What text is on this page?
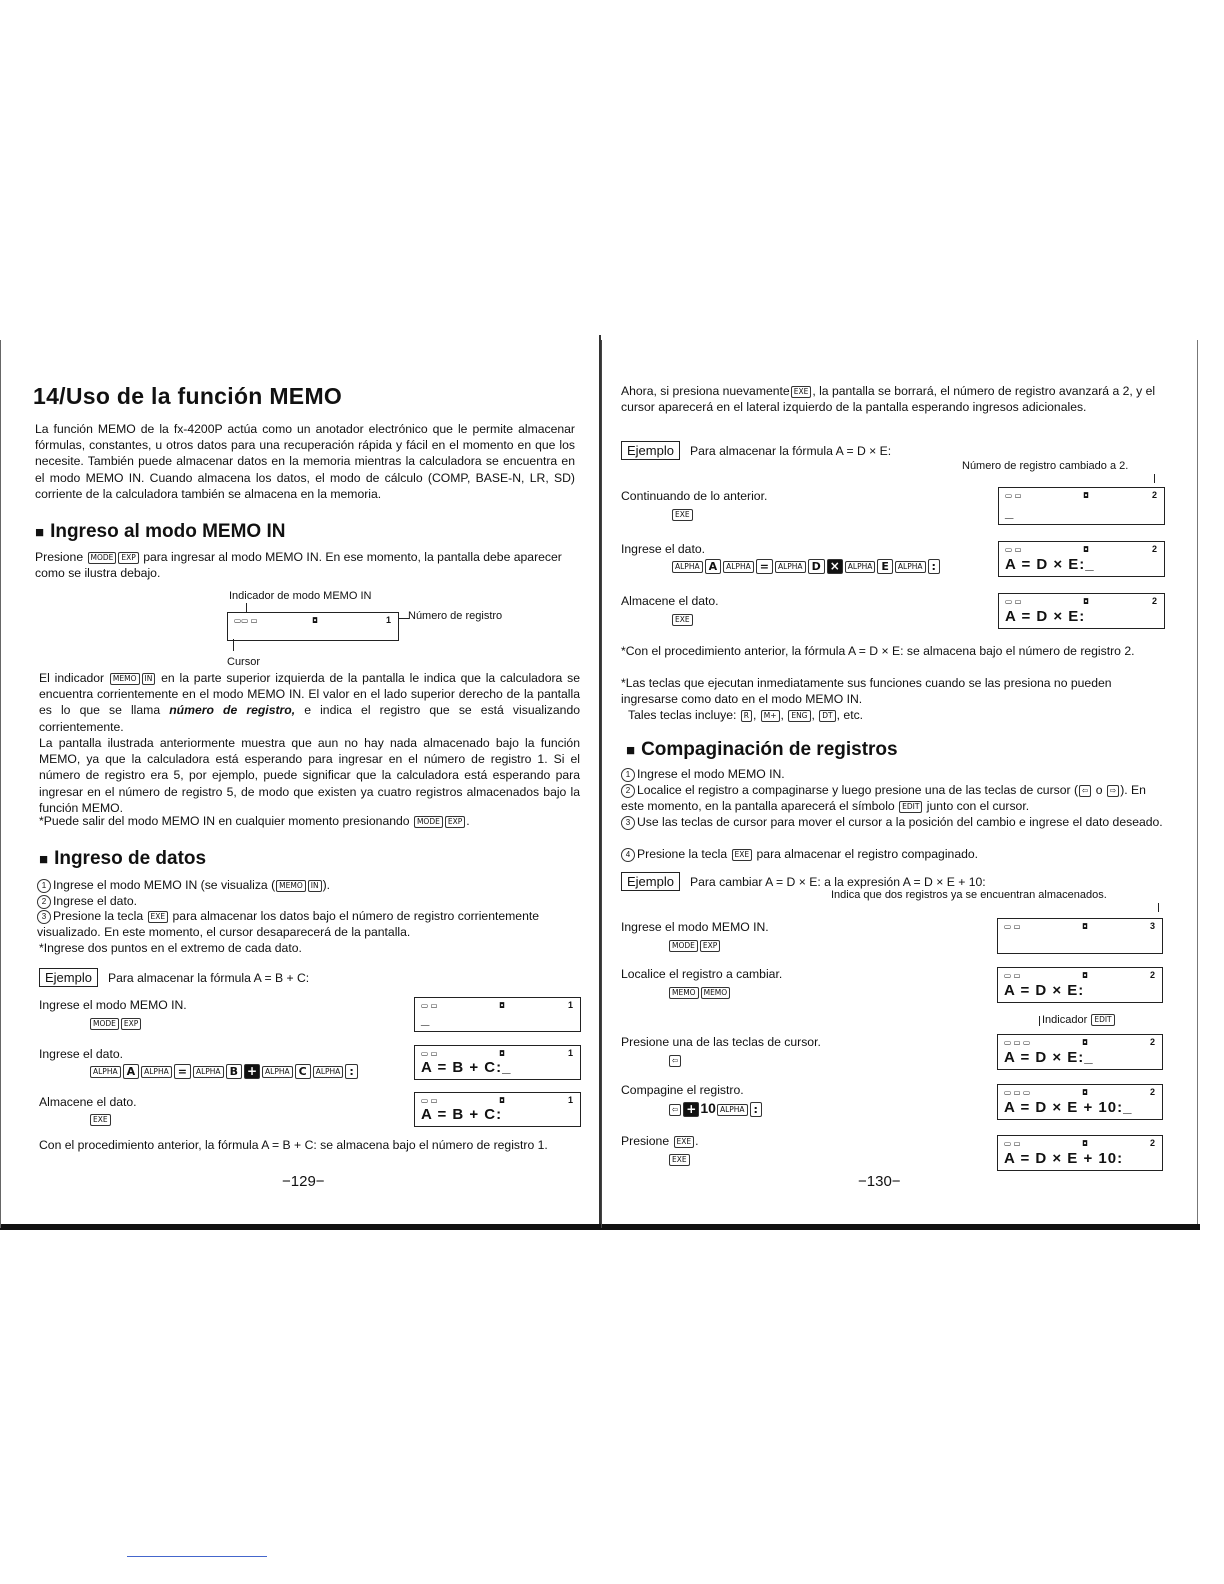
14/Uso de la función MEMO
La función MEMO de la fx-4200P actúa como un anotador electrónico que le permite almacenar fórmulas, constantes, u otros datos para una recuperación rápida y fácil en el momento en que los necesite. También puede almacenar datos en la memoria mientras la calculadora se encuentra en el modo MEMO IN. Cuando almacena los datos, el modo de cálculo (COMP, BASE-N, LR, SD) corriente de la calculadora también se almacena en la memoria.
■ Ingreso al modo MEMO IN
Presione MODE EXP para ingresar al modo MEMO IN. En ese momento, la pantalla debe aparecer como se ilustra debajo.
Indicador de modo MEMO IN
▭▭ ▭	◘	1 Número de registro
Cursor
El indicador MEMO IN en la parte superior izquierda de la pantalla le indica que la calculadora se encuentra corrientemente en el modo MEMO IN. El valor en el lado superior derecho de la pantalla es lo que se llama número de registro, e indica el registro que se está visualizando corrientemente.
La pantalla ilustrada anteriormente muestra que aun no hay nada almacenado bajo la función MEMO, ya que la calculadora está esperando para ingresar en el número de registro 1. Si el número de registro era 5, por ejemplo, puede significar que la calculadora está esperando para ingresar en el número de registro 5, de modo que existen ya cuatro registros almacenados bajo la función MEMO.
*Puede salir del modo MEMO IN en cualquier momento presionando MODE EXP .
■ Ingreso de datos
1 Ingrese el modo MEMO IN (se visualiza ( MEMO IN ).
2 Ingrese el dato.
3 Presione la tecla EXE para almacenar los datos bajo el número de registro corrientemente visualizado. En este momento, el cursor desaparecerá de la pantalla.
*Ingrese dos puntos en el extremo de cada dato.
Ejemplo Para almacenar la fórmula A = B + C:
Ingrese el modo MEMO IN.
MODE EXP
▭ ▭	◘	1
_
Ingrese el dato.
ALPHA A ALPHA = ALPHA B + ALPHA C ALPHA :
▭ ▭	◘	1
A = B + C:_
Almacene el dato.
EXE
▭ ▭	◘	1
A = B + C:
Con el procedimiento anterior, la fórmula A = B + C: se almacena bajo el número de registro 1.
−129−
Ahora, si presiona nuevamente EXE , la pantalla se borrará, el número de registro avanzará a 2, y el cursor aparecerá en el lateral izquierdo de la pantalla esperando ingresos adicionales.
Ejemplo Para almacenar la fórmula A = D × E:
Número de registro cambiado a 2.
Continuando de lo anterior.
EXE
▭ ▭	◘	2
_
Ingrese el dato.
ALPHA A ALPHA = ALPHA D × ALPHA E ALPHA :
▭ ▭	◘	2
A = D × E:_
Almacene el dato.
EXE
▭ ▭	◘	2
A = D × E:
*Con el procedimiento anterior, la fórmula A = D × E: se almacena bajo el número de registro 2.
*Las teclas que ejecutan inmediatamente sus funciones cuando se las presiona no pueden ingresarse como dato en el modo MEMO IN.
Tales teclas incluye: R , M+ , ENG , DT , etc.
■ Compaginación de registros
1 Ingrese el modo MEMO IN.
2 Localice el registro a compaginarse y luego presione una de las teclas de cursor ( ⇦ o ⇨ ). En este momento, en la pantalla aparecerá el símbolo EDIT junto con el cursor.
3 Use las teclas de cursor para mover el cursor a la posición del cambio e ingrese el dato deseado.
4 Presione la tecla EXE para almacenar el registro compaginado.
Ejemplo Para cambiar A = D × E: a la expresión A = D × E + 10:
Indica que dos registros ya se encuentran almacenados.
Ingrese el modo MEMO IN.
MODE EXP
▭ ▭	◘	3
Localice el registro a cambiar.
MEMO MEMO
▭ ▭	◘	2
A = D × E:
Indicador EDIT
Presione una de las teclas de cursor.
⇦
▭ ▭ ▭	◘	2
A = D × E:_
Compagine el registro.
⇦ + 10 ALPHA :
▭ ▭ ▭	◘	2
A = D × E + 10:_
Presione EXE .
EXE
▭ ▭	◘	2
A = D × E + 10:
−130−
